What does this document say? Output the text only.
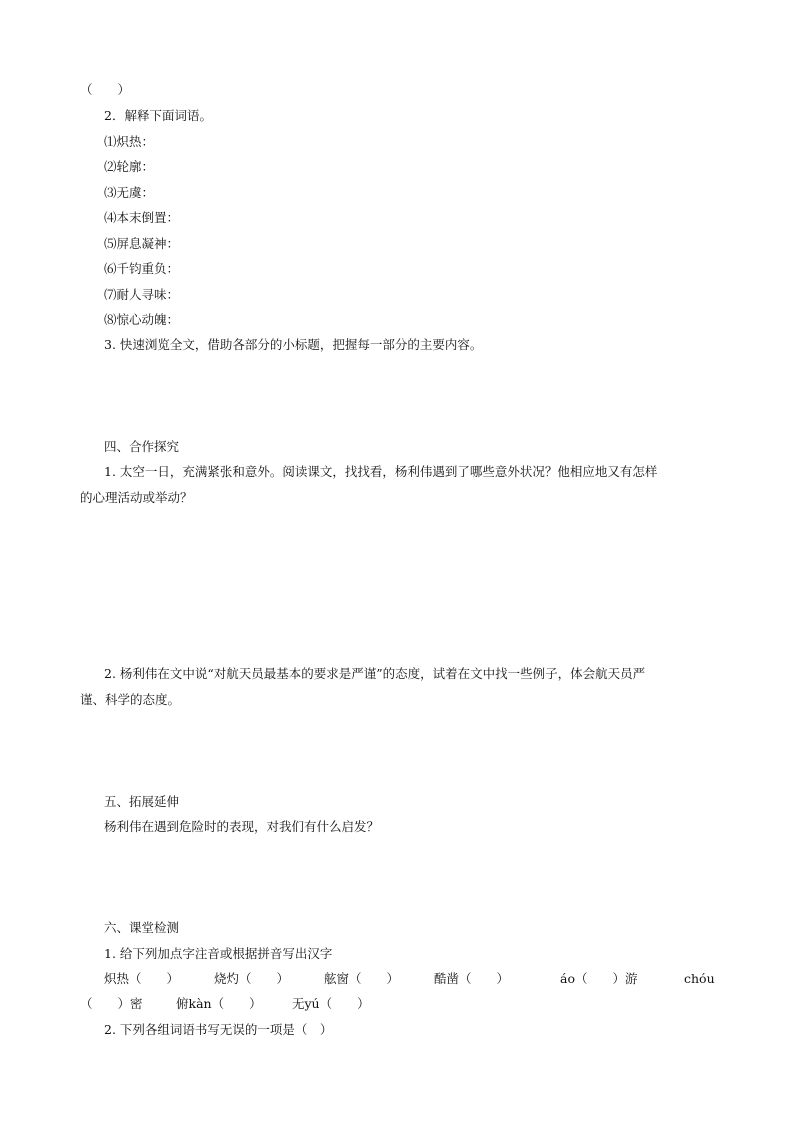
（　　）
2．解释下面词语。
⑴炽热：
⑵轮廓：
⑶无虞：
⑷本末倒置：
⑸屏息凝神：
⑹千钧重负：
⑺耐人寻味：
⑻惊心动魄：
3. 快速浏览全文，借助各部分的小标题，把握每一部分的主要内容。
四、合作探究
1. 太空一日，充满紧张和意外。阅读课文，找找看，杨利伟遇到了哪些意外状况？他相应地又有怎样
的心理活动或举动？
2. 杨利伟在文中说“对航天员最基本的要求是严谨”的态度，试着在文中找一些例子，体会航天员严
谨、科学的态度。
五、拓展延伸
杨利伟在遇到危险时的表现，对我们有什么启发？
六、课堂检测
1. 给下列加点字注音或根据拼音写出汉字
炽热（　　）	烧灼（　　）	舷窗（　　）	酷凿（　　）	áo（　　）游	chóu
（　　）密	俯kàn（　　） 无yú（　　）
2. 下列各组词语书写无误的一项是（　）
